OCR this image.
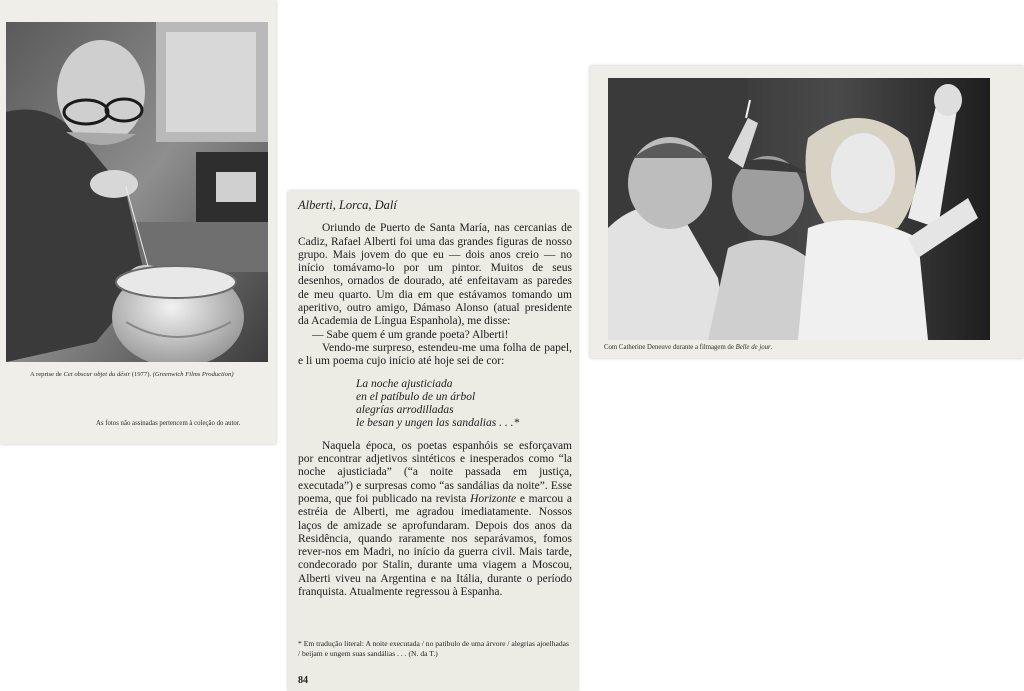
A reprise de Cet obscur objet du désir (1977). (Greenwich Films Production)
As fotos não assinadas pertencem à coleção do autor.

Alberti, Lorca, Dalí

Oriundo de Puerto de Santa María, nas cercanias de Cadiz, Rafael Alberti foi uma das grandes figuras de nosso grupo. Mais jovem do que eu — dois anos creio — no início tomávamo-lo por um pintor. Muitos de seus desenhos, ornados de dourado, até enfeitavam as paredes de meu quarto. Um dia em que estávamos tomando um aperitivo, outro amigo, Dámaso Alonso (atual presidente da Academia de Língua Espanhola), me disse:

— Sabe quem é um grande poeta? Alberti!

Vendo-me surpreso, estendeu-me uma folha de papel, e li um poema cujo início até hoje sei de cor:

La noche ajusticiada
en el patíbulo de un árbol
alegrías arrodilladas
le besan y ungen las sandalias . . .*

Naquela época, os poetas espanhóis se esforçavam por encontrar adjetivos sintéticos e inesperados como “la noche ajusticiada” (“a noite passada em justiça, executada”) e surpresas como “as sandálias da noite”. Esse poema, que foi publicado na revista Horizonte e marcou a estréia de Alberti, me agradou imediatamente. Nossos laços de amizade se aprofundaram. Depois dos anos da Residência, quando raramente nos separávamos, fomos rever-nos em Madri, no início da guerra civil. Mais tarde, condecorado por Stalin, durante uma viagem a Moscou, Alberti viveu na Argentina e na Itália, durante o período franquista. Atualmente regressou à Espanha.

* Em tradução literal: A noite executada / no patíbulo de uma árvore / alegrias ajoelhadas / beijam e ungem suas sandálias . . . (N. da T.)
84
Com Catherine Deneuve durante a filmagem de Belle de jour.
